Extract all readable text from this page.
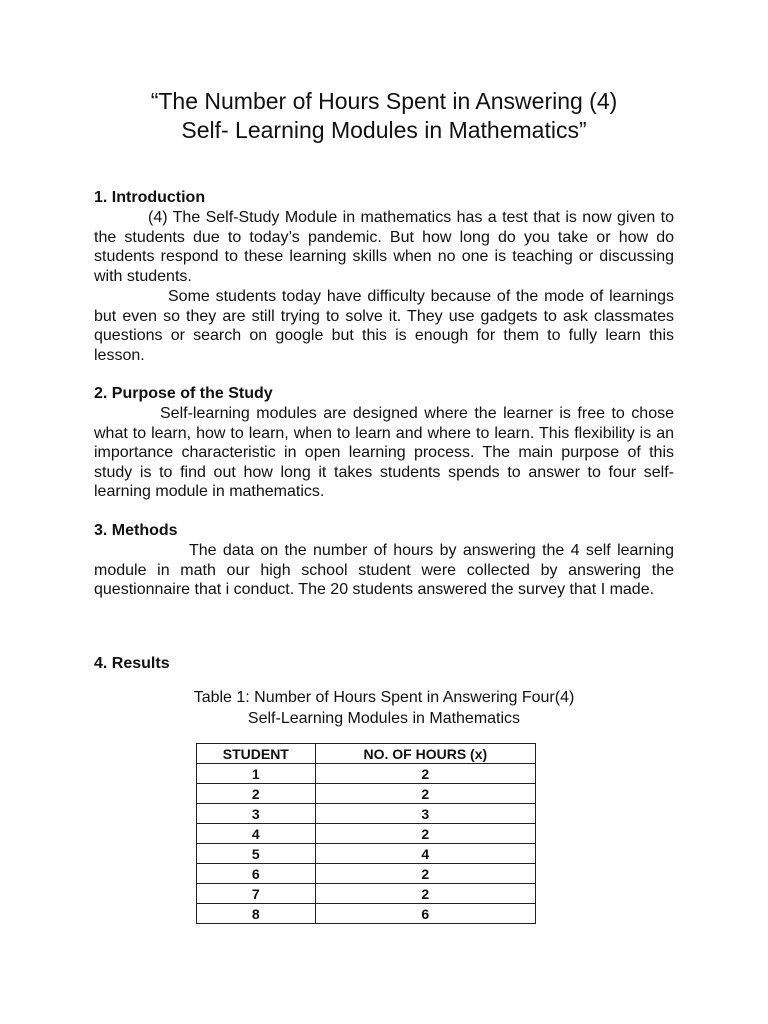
“The Number of Hours Spent in Answering (4)
Self- Learning Modules in Mathematics”
1. Introduction

(4) The Self-Study Module in mathematics has a test that is now given to the students due to today’s pandemic. But how long do you take or how do students respond to these learning skills when no one is teaching or discussing with students.

Some students today have difficulty because of the mode of learnings but even so they are still trying to solve it. They use gadgets to ask classmates questions or search on google but this is enough for them to fully learn this lesson.

2. Purpose of the Study

Self-learning modules are designed where the learner is free to chose what to learn, how to learn, when to learn and where to learn. This flexibility is an importance characteristic in open learning process. The main purpose of this study is to find out how long it takes students spends to answer to four self- learning module in mathematics.

3. Methods

The data on the number of hours by answering the 4 self learning module in math our high school student were collected by answering the questionnaire that i conduct. The 20 students answered the survey that I made.

4. Results

Table 1: Number of Hours Spent in Answering Four(4)
Self-Learning Modules in Mathematics

STUDENT	NO. OF HOURS (x)
1	2
2	2
3	3
4	2
5	4
6	2
7	2
8	6
